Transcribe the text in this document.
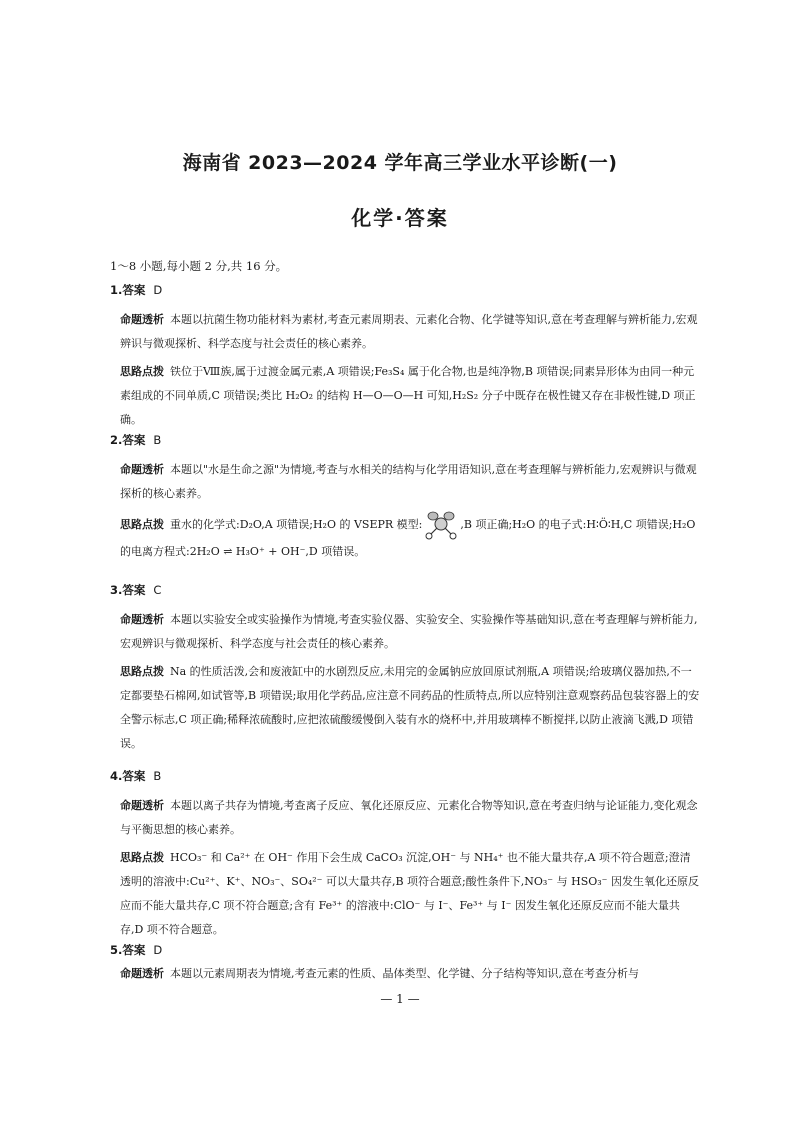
海南省 2023—2024 学年高三学业水平诊断(一)
化学·答案
1～8 小题,每小题 2 分,共 16 分。
1.答案 D
命题透析 本题以抗菌生物功能材料为素材,考查元素周期表、元素化合物、化学键等知识,意在考查理解与辨析能力,宏观辨识与微观探析、科学态度与社会责任的核心素养。
思路点拨 铁位于Ⅷ族,属于过渡金属元素,A 项错误;Fe₃S₄ 属于化合物,也是纯净物,B 项错误;同素异形体为由同一种元素组成的不同单质,C 项错误;类比 H₂O₂ 的结构 H—O—O—H 可知,H₂S₂ 分子中既存在极性键又存在非极性键,D 项正确。
2.答案 B
命题透析 本题以"水是生命之源"为情境,考查与水相关的结构与化学用语知识,意在考查理解与辨析能力,宏观辨识与微观探析的核心素养。
思路点拨 重水的化学式:D₂O,A 项错误;H₂O 的 VSEPR 模型:	,B 项正确;H₂O 的电子式:H∶Ö∶H,C 项错误;H₂O 的电离方程式:2H₂O ⇌ H₃O⁺ + OH⁻,D 项错误。
3.答案 C
命题透析 本题以实验安全或实验操作为情境,考查实验仪器、实验安全、实验操作等基础知识,意在考查理解与辨析能力,宏观辨识与微观探析、科学态度与社会责任的核心素养。
思路点拨 Na 的性质活泼,会和废液缸中的水剧烈反应,未用完的金属钠应放回原试剂瓶,A 项错误;给玻璃仪器加热,不一定都要垫石棉网,如试管等,B 项错误;取用化学药品,应注意不同药品的性质特点,所以应特别注意观察药品包装容器上的安全警示标志,C 项正确;稀释浓硫酸时,应把浓硫酸缓慢倒入装有水的烧杯中,并用玻璃棒不断搅拌,以防止液滴飞溅,D 项错误。
4.答案 B
命题透析 本题以离子共存为情境,考查离子反应、氧化还原反应、元素化合物等知识,意在考查归纳与论证能力,变化观念与平衡思想的核心素养。
思路点拨 HCO₃⁻ 和 Ca²⁺ 在 OH⁻ 作用下会生成 CaCO₃ 沉淀,OH⁻ 与 NH₄⁺ 也不能大量共存,A 项不符合题意;澄清透明的溶液中:Cu²⁺、K⁺、NO₃⁻、SO₄²⁻ 可以大量共存,B 项符合题意;酸性条件下,NO₃⁻ 与 HSO₃⁻ 因发生氧化还原反应而不能大量共存,C 项不符合题意;含有 Fe³⁺ 的溶液中:ClO⁻ 与 I⁻、Fe³⁺ 与 I⁻ 因发生氧化还原反应而不能大量共存,D 项不符合题意。
5.答案 D
命题透析 本题以元素周期表为情境,考查元素的性质、晶体类型、化学键、分子结构等知识,意在考查分析与
— 1 —
